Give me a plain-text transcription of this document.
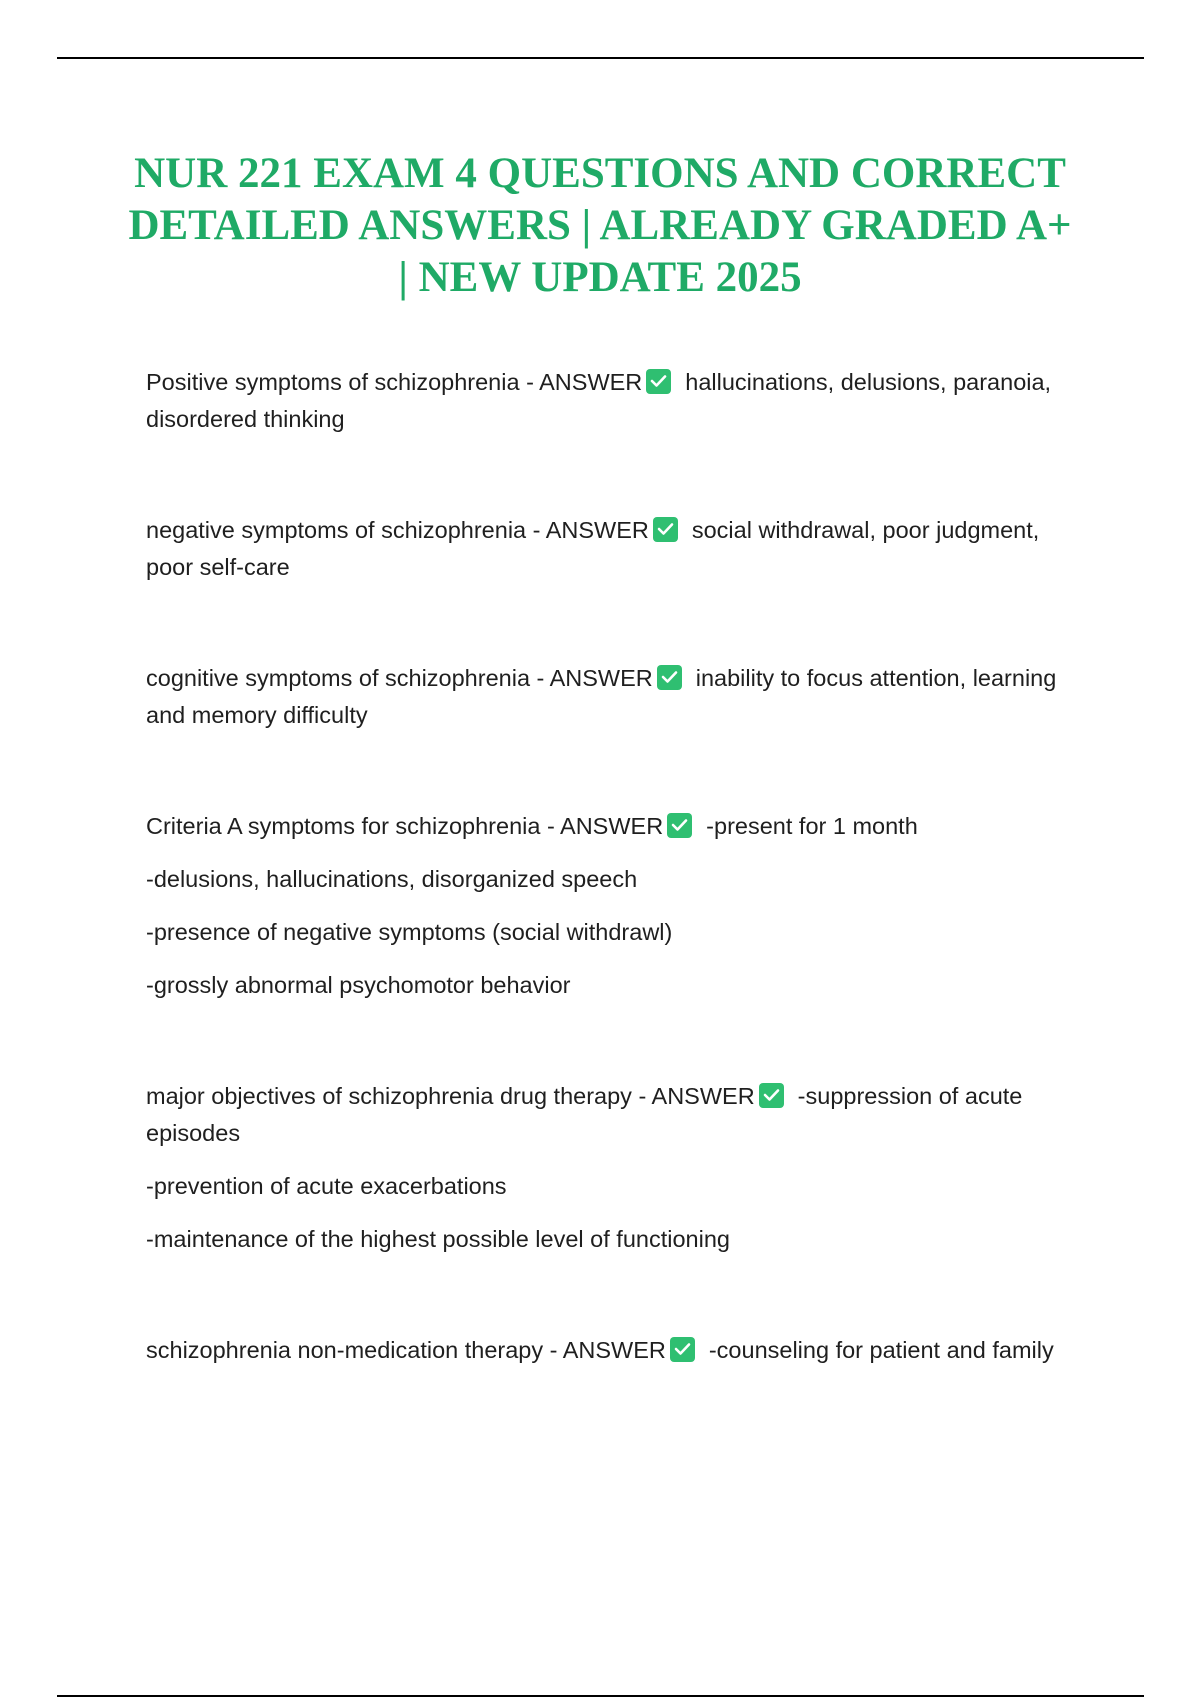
NUR 221 EXAM 4 QUESTIONS AND CORRECT DETAILED ANSWERS | ALREADY GRADED A+ | NEW UPDATE 2025

Positive symptoms of schizophrenia - ANSWER hallucinations, delusions, paranoia, disordered thinking

negative symptoms of schizophrenia - ANSWER social withdrawal, poor judgment, poor self-care

cognitive symptoms of schizophrenia - ANSWER inability to focus attention, learning and memory difficulty

Criteria A symptoms for schizophrenia - ANSWER -present for 1 month

-delusions, hallucinations, disorganized speech

-presence of negative symptoms (social withdrawl)

-grossly abnormal psychomotor behavior

major objectives of schizophrenia drug therapy - ANSWER -suppression of acute episodes

-prevention of acute exacerbations

-maintenance of the highest possible level of functioning

schizophrenia non-medication therapy - ANSWER -counseling for patient and family
